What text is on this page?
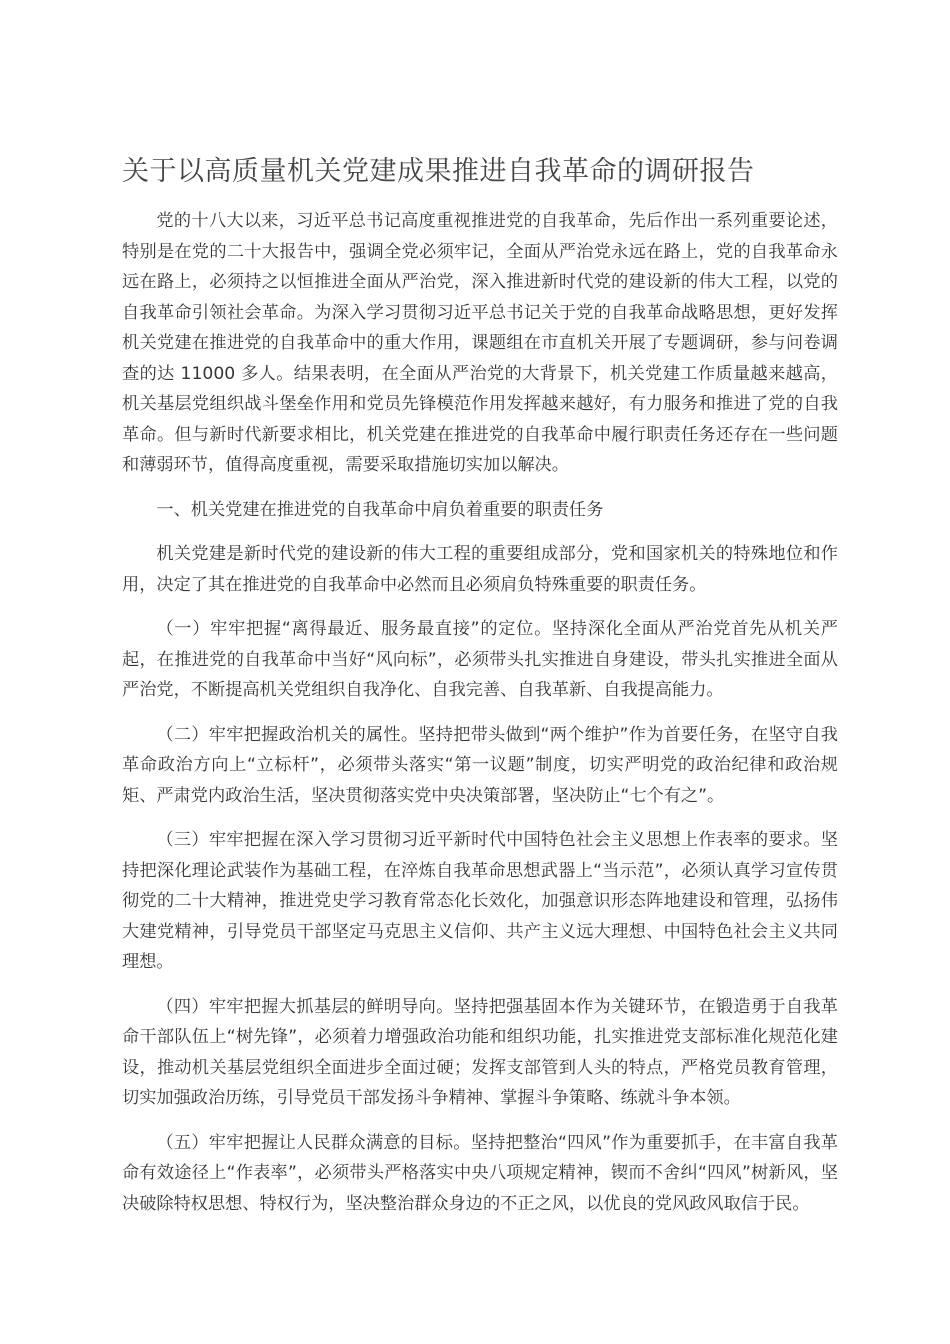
关于以高质量机关党建成果推进自我革命的调研报告

党的十八大以来，习近平总书记高度重视推进党的自我革命，先后作出一系列重要论述，特别是在党的二十大报告中，强调全党必须牢记，全面从严治党永远在路上，党的自我革命永远在路上，必须持之以恒推进全面从严治党，深入推进新时代党的建设新的伟大工程，以党的自我革命引领社会革命。为深入学习贯彻习近平总书记关于党的自我革命战略思想，更好发挥机关党建在推进党的自我革命中的重大作用，课题组在市直机关开展了专题调研，参与问卷调查的达 11000 多人。结果表明，在全面从严治党的大背景下，机关党建工作质量越来越高，机关基层党组织战斗堡垒作用和党员先锋模范作用发挥越来越好，有力服务和推进了党的自我革命。但与新时代新要求相比，机关党建在推进党的自我革命中履行职责任务还存在一些问题和薄弱环节，值得高度重视，需要采取措施切实加以解决。

一、机关党建在推进党的自我革命中肩负着重要的职责任务

机关党建是新时代党的建设新的伟大工程的重要组成部分，党和国家机关的特殊地位和作用，决定了其在推进党的自我革命中必然而且必须肩负特殊重要的职责任务。

（一）牢牢把握“离得最近、服务最直接”的定位。坚持深化全面从严治党首先从机关严起，在推进党的自我革命中当好“风向标”，必须带头扎实推进自身建设，带头扎实推进全面从严治党，不断提高机关党组织自我净化、自我完善、自我革新、自我提高能力。

（二）牢牢把握政治机关的属性。坚持把带头做到“两个维护”作为首要任务，在坚守自我革命政治方向上“立标杆”，必须带头落实“第一议题”制度，切实严明党的政治纪律和政治规矩、严肃党内政治生活，坚决贯彻落实党中央决策部署，坚决防止“七个有之”。

（三）牢牢把握在深入学习贯彻习近平新时代中国特色社会主义思想上作表率的要求。坚持把深化理论武装作为基础工程，在淬炼自我革命思想武器上“当示范”，必须认真学习宣传贯彻党的二十大精神，推进党史学习教育常态化长效化，加强意识形态阵地建设和管理，弘扬伟大建党精神，引导党员干部坚定马克思主义信仰、共产主义远大理想、中国特色社会主义共同理想。

（四）牢牢把握大抓基层的鲜明导向。坚持把强基固本作为关键环节，在锻造勇于自我革命干部队伍上“树先锋”，必须着力增强政治功能和组织功能，扎实推进党支部标准化规范化建设，推动机关基层党组织全面进步全面过硬；发挥支部管到人头的特点，严格党员教育管理，切实加强政治历练，引导党员干部发扬斗争精神、掌握斗争策略、练就斗争本领。

（五）牢牢把握让人民群众满意的目标。坚持把整治“四风”作为重要抓手，在丰富自我革命有效途径上“作表率”，必须带头严格落实中央八项规定精神，锲而不舍纠“四风”树新风，坚决破除特权思想、特权行为，坚决整治群众身边的不正之风，以优良的党风政风取信于民。
